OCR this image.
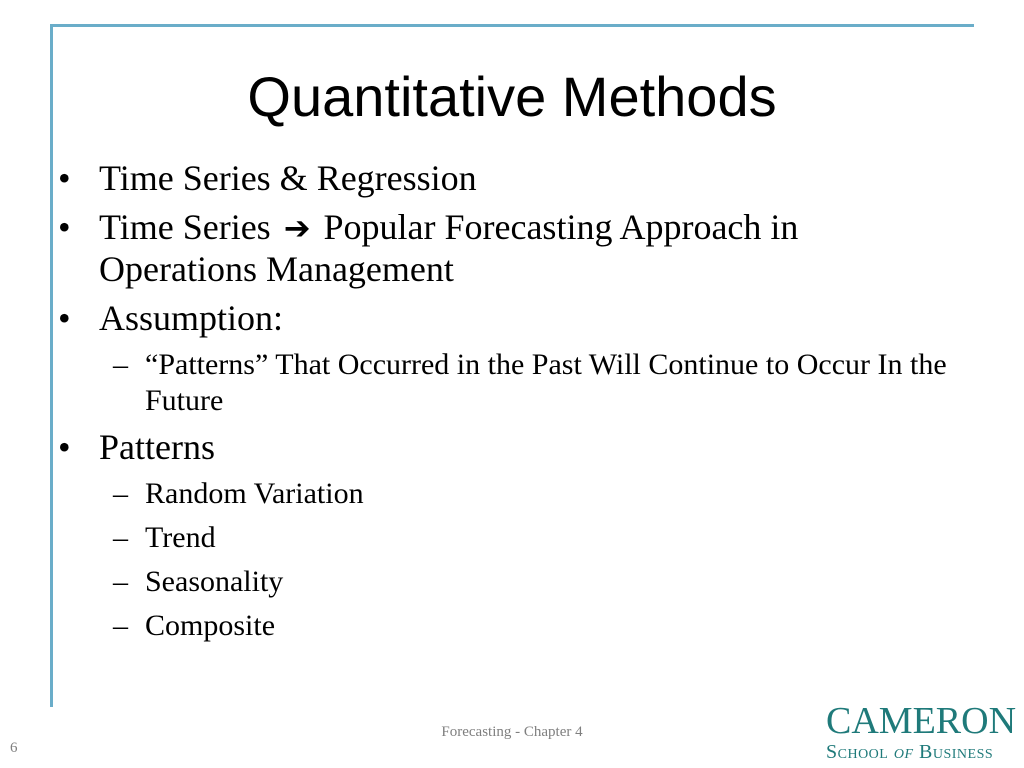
Quantitative Methods
• Time Series & Regression
• Time Series ➔ Popular Forecasting Approach in Operations Management
• Assumption:
– “Patterns” That Occurred in the Past Will Continue to Occur In the Future
• Patterns
– Random Variation
– Trend
– Seasonality
– Composite
Forecasting - Chapter 4
6
CAMERON
School of Business
